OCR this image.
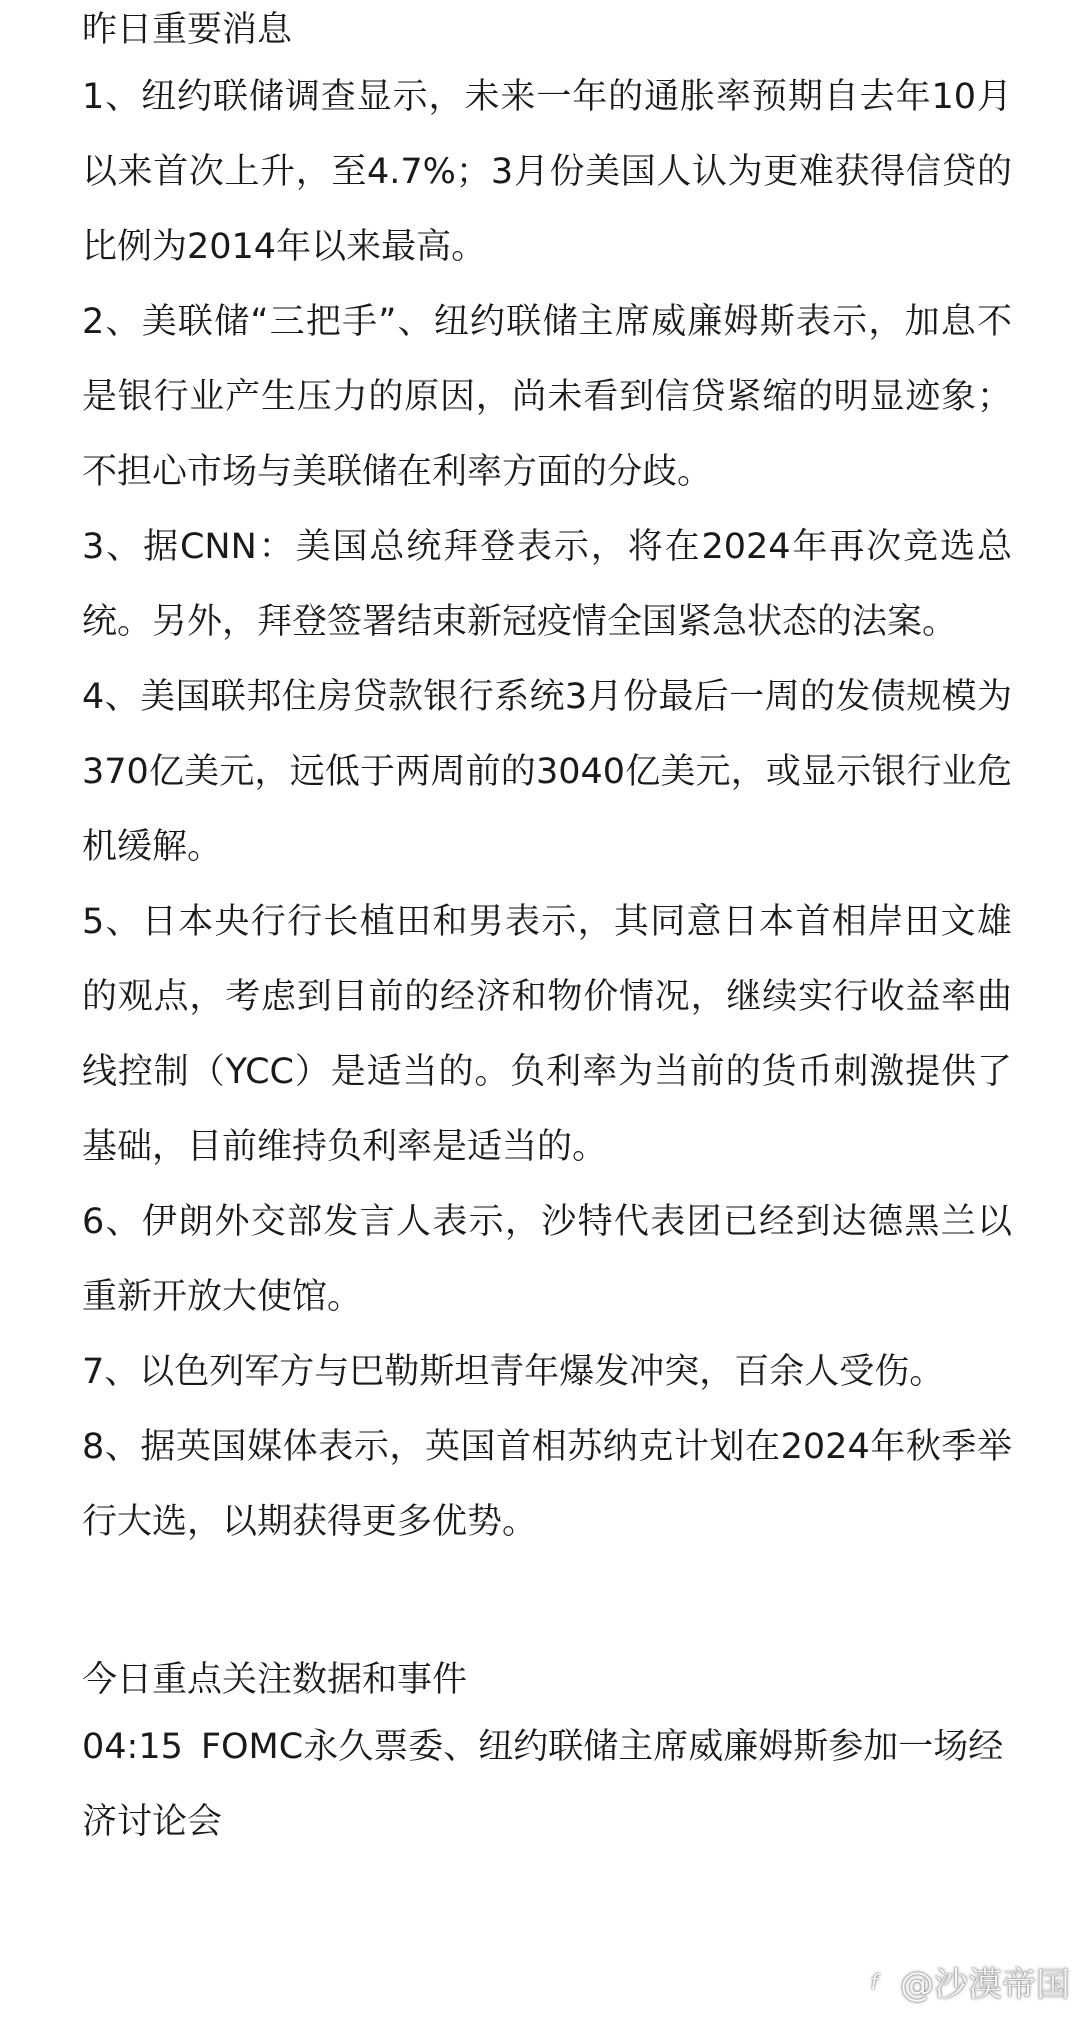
昨日重要消息
1、纽约联储调查显示，未来一年的通胀率预期自去年10月以来首次上升，至4.7%；3月份美国人认为更难获得信贷的比例为2014年以来最高。
2、美联储“三把手”、纽约联储主席威廉姆斯表示，加息不是银行业产生压力的原因，尚未看到信贷紧缩的明显迹象；不担心市场与美联储在利率方面的分歧。
3、据CNN：美国总统拜登表示，将在2024年再次竞选总统。另外，拜登签署结束新冠疫情全国紧急状态的法案。
4、美国联邦住房贷款银行系统3月份最后一周的发债规模为370亿美元，远低于两周前的3040亿美元，或显示银行业危机缓解。
5、日本央行行长植田和男表示，其同意日本首相岸田文雄的观点，考虑到目前的经济和物价情况，继续实行收益率曲线控制（YCC）是适当的。负利率为当前的货币刺激提供了基础，目前维持负利率是适当的。
6、伊朗外交部发言人表示，沙特代表团已经到达德黑兰以重新开放大使馆。
7、以色列军方与巴勒斯坦青年爆发冲突，百余人受伤。
8、据英国媒体表示，英国首相苏纳克计划在2024年秋季举行大选，以期获得更多优势。
今日重点关注数据和事件
04:15 FOMC永久票委、纽约联储主席威廉姆斯参加一场经济讨论会
f @沙漠帝国
